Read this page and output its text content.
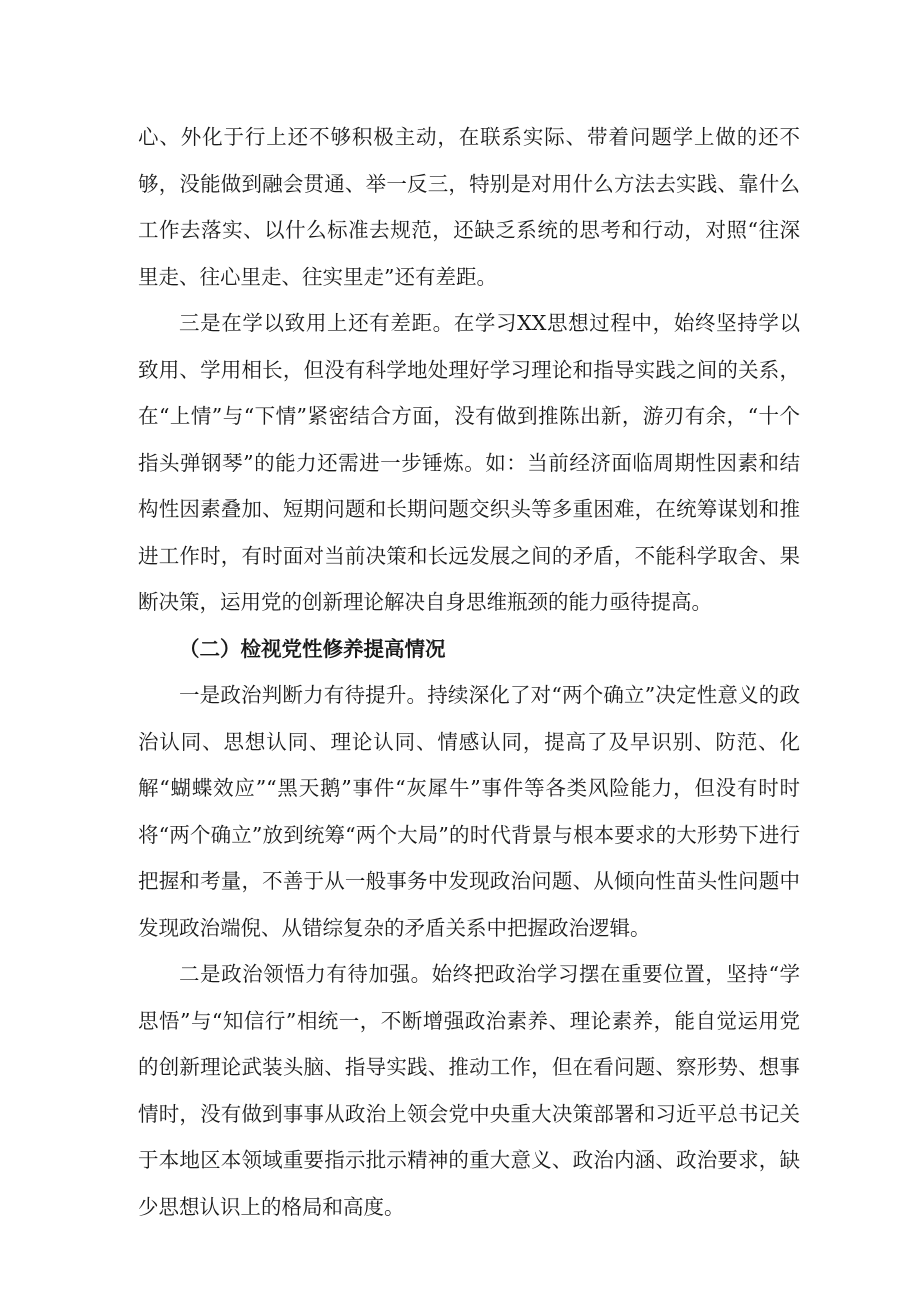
心、外化于行上还不够积极主动，在联系实际、带着问题学上做的还不够，没能做到融会贯通、举一反三，特别是对用什么方法去实践、靠什么工作去落实、以什么标准去规范，还缺乏系统的思考和行动，对照“往深里走、往心里走、往实里走”还有差距。

三是在学以致用上还有差距。在学习XX思想过程中，始终坚持学以致用、学用相长，但没有科学地处理好学习理论和指导实践之间的关系，在“上情”与“下情”紧密结合方面，没有做到推陈出新，游刃有余，“十个指头弹钢琴”的能力还需进一步锤炼。如：当前经济面临周期性因素和结构性因素叠加、短期问题和长期问题交织头等多重困难，在统筹谋划和推进工作时，有时面对当前决策和长远发展之间的矛盾，不能科学取舍、果断决策，运用党的创新理论解决自身思维瓶颈的能力亟待提高。

（二）检视党性修养提高情况

一是政治判断力有待提升。持续深化了对“两个确立”决定性意义的政治认同、思想认同、理论认同、情感认同，提高了及早识别、防范、化解“蝴蝶效应”“黑天鹅”事件“灰犀牛”事件等各类风险能力，但没有时时将“两个确立”放到统筹“两个大局”的时代背景与根本要求的大形势下进行把握和考量，不善于从一般事务中发现政治问题、从倾向性苗头性问题中发现政治端倪、从错综复杂的矛盾关系中把握政治逻辑。

二是政治领悟力有待加强。始终把政治学习摆在重要位置，坚持“学思悟”与“知信行”相统一，不断增强政治素养、理论素养，能自觉运用党的创新理论武装头脑、指导实践、推动工作，但在看问题、察形势、想事情时，没有做到事事从政治上领会党中央重大决策部署和习近平总书记关于本地区本领域重要指示批示精神的重大意义、政治内涵、政治要求，缺少思想认识上的格局和高度。
